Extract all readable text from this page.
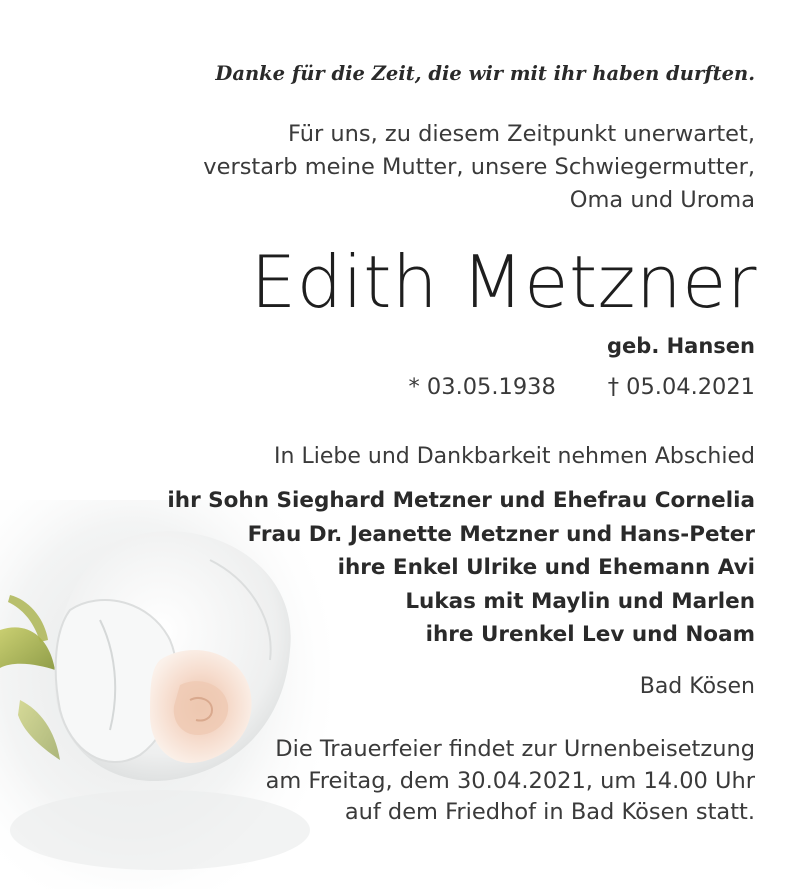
Danke für die Zeit, die wir mit ihr haben durften.
Für uns, zu diesem Zeitpunkt unerwartet,
verstarb meine Mutter, unsere Schwiegermutter,
Oma und Uroma
Edith Metzner
geb. Hansen
* 03.05.1938 † 05.04.2021
In Liebe und Dankbarkeit nehmen Abschied
ihr Sohn Sieghard Metzner und Ehefrau Cornelia
Frau Dr. Jeanette Metzner und Hans-Peter
ihre Enkel Ulrike und Ehemann Avi
Lukas mit Maylin und Marlen
ihre Urenkel Lev und Noam
Bad Kösen
Die Trauerfeier findet zur Urnenbeisetzung
am Freitag, dem 30.04.2021, um 14.00 Uhr
auf dem Friedhof in Bad Kösen statt.
